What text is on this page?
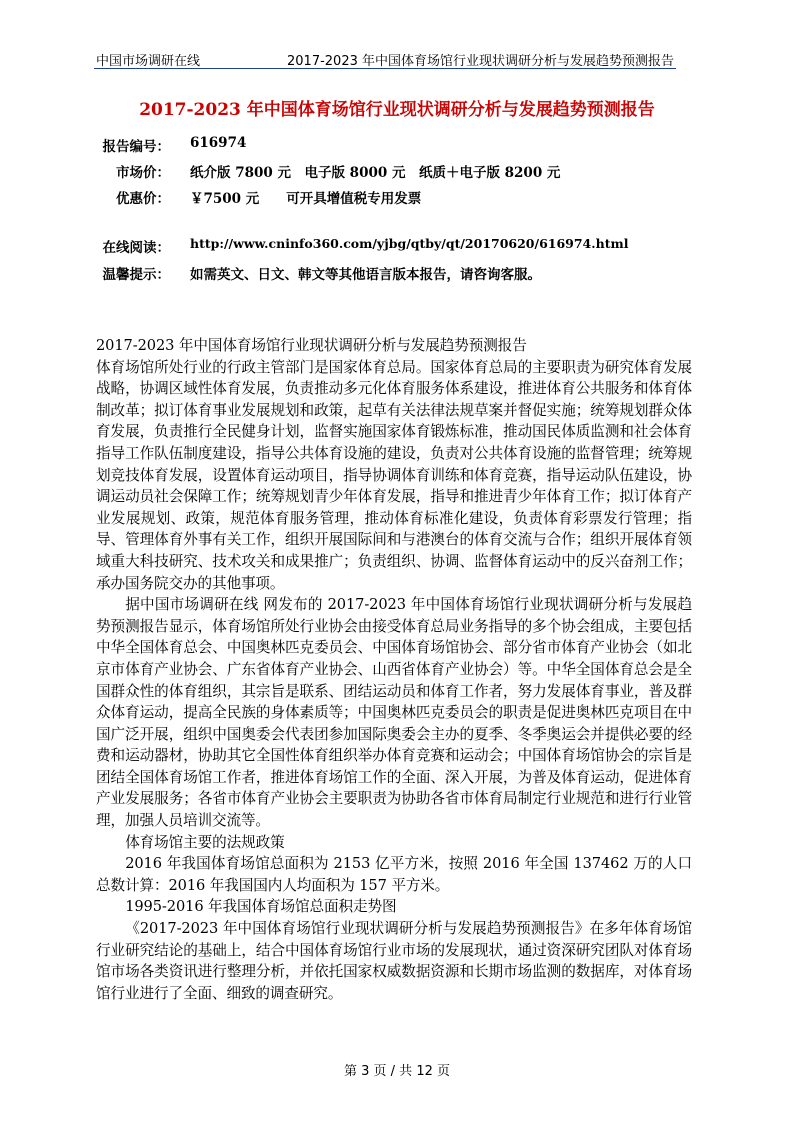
中国市场调研在线	2017-2023 年中国体育场馆行业现状调研分析与发展趋势预测报告
2017-2023 年中国体育场馆行业现状调研分析与发展趋势预测报告
报告编号： 616974
市场价： 纸介版 7800 元　电子版 8000 元　纸质＋电子版 8200 元
优惠价： ￥7500 元　　可开具增值税专用发票
在线阅读： http://www.cninfo360.com/yjbg/qtby/qt/20170620/616974.html
温馨提示： 如需英文、日文、韩文等其他语言版本报告，请咨询客服。

2017-2023 年中国体育场馆行业现状调研分析与发展趋势预测报告

体育场馆所处行业的行政主管部门是国家体育总局。国家体育总局的主要职责为研究体育发展战略，协调区域性体育发展，负责推动多元化体育服务体系建设，推进体育公共服务和体育体制改革；拟订体育事业发展规划和政策，起草有关法律法规草案并督促实施；统筹规划群众体育发展，负责推行全民健身计划，监督实施国家体育锻炼标准，推动国民体质监测和社会体育指导工作队伍制度建设，指导公共体育设施的建设，负责对公共体育设施的监督管理；统筹规划竞技体育发展，设置体育运动项目，指导协调体育训练和体育竞赛，指导运动队伍建设，协调运动员社会保障工作；统筹规划青少年体育发展，指导和推进青少年体育工作；拟订体育产业发展规划、政策，规范体育服务管理，推动体育标准化建设，负责体育彩票发行管理；指导、管理体育外事有关工作，组织开展国际间和与港澳台的体育交流与合作；组织开展体育领域重大科技研究、技术攻关和成果推广；负责组织、协调、监督体育运动中的反兴奋剂工作；承办国务院交办的其他事项。

据中国市场调研在线 网发布的 2017-2023 年中国体育场馆行业现状调研分析与发展趋势预测报告显示，体育场馆所处行业协会由接受体育总局业务指导的多个协会组成，主要包括中华全国体育总会、中国奥林匹克委员会、中国体育场馆协会、部分省市体育产业协会（如北京市体育产业协会、广东省体育产业协会、山西省体育产业协会）等。中华全国体育总会是全国群众性的体育组织，其宗旨是联系、团结运动员和体育工作者，努力发展体育事业，普及群众体育运动，提高全民族的身体素质等；中国奥林匹克委员会的职责是促进奥林匹克项目在中国广泛开展，组织中国奥委会代表团参加国际奥委会主办的夏季、冬季奥运会并提供必要的经费和运动器材，协助其它全国性体育组织举办体育竞赛和运动会；中国体育场馆协会的宗旨是团结全国体育场馆工作者，推进体育场馆工作的全面、深入开展，为普及体育运动，促进体育产业发展服务；各省市体育产业协会主要职责为协助各省市体育局制定行业规范和进行行业管理，加强人员培训交流等。

体育场馆主要的法规政策

2016 年我国体育场馆总面积为 2153 亿平方米，按照 2016 年全国 137462 万的人口总数计算：2016 年我国国内人均面积为 157 平方米。

1995-2016 年我国体育场馆总面积走势图

《2017-2023 年中国体育场馆行业现状调研分析与发展趋势预测报告》在多年体育场馆行业研究结论的基础上，结合中国体育场馆行业市场的发展现状，通过资深研究团队对体育场馆市场各类资讯进行整理分析，并依托国家权威数据资源和长期市场监测的数据库，对体育场馆行业进行了全面、细致的调查研究。

第 3 页 / 共 12 页
